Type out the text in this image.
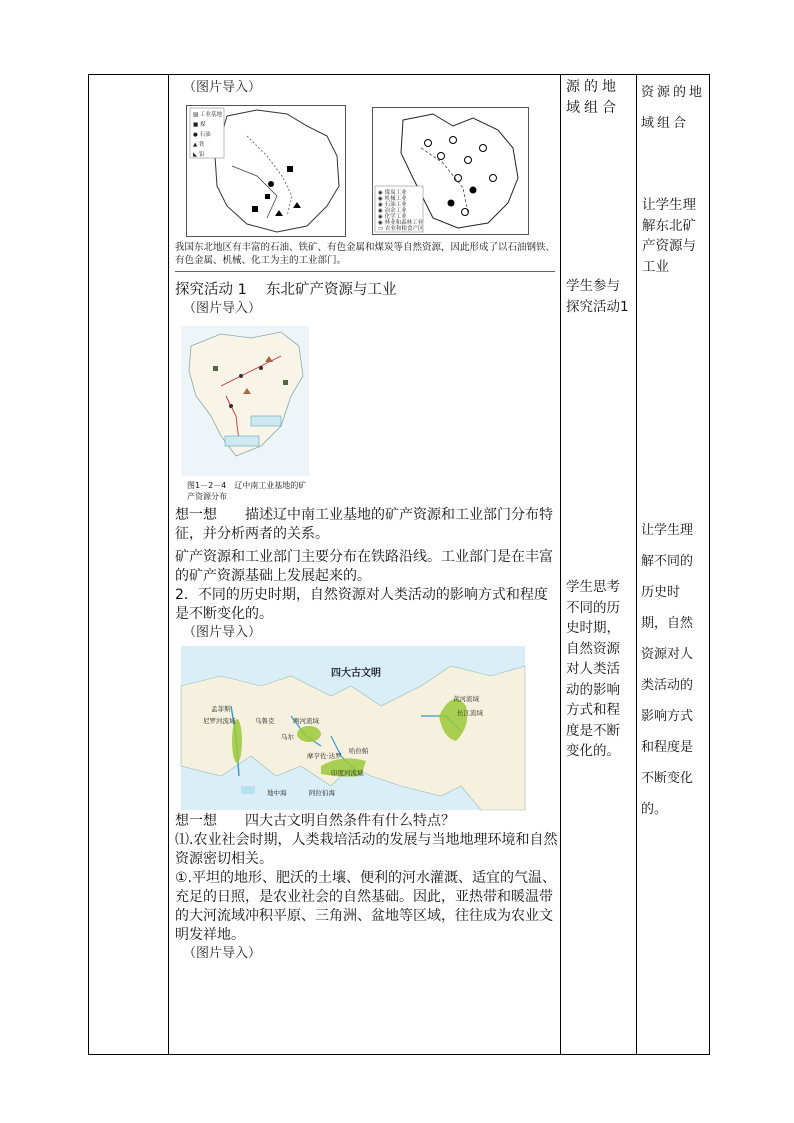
（图片导入）

▨ 工业基地
■ 煤
● 石油
▲ 铁
◣ 铝
◉ 煤炭工业
◉ 机械工业
◉ 石油工业
◉ 冶金工业
◉ 化学工业
◉ 林业和森林工业
▭ 农业和粮食产区

我国东北地区有丰富的石油、铁矿、有色金属和煤炭等自然资源，因此形成了以石油钢铁、有色金属、机械、化工为主的工业部门。

探究活动 1　 东北矿产资源与工业

（图片导入）

图1－2－4　辽中南工业基地的矿产资源分布

想一想　　描述辽中南工业基地的矿产资源和工业部门分布特征，并分析两者的关系。

矿产资源和工业部门主要分布在铁路沿线。工业部门是在丰富的矿产资源基础上发展起来的。

2．不同的历史时期，自然资源对人类活动的影响方式和程度是不断变化的。

（图片导入）

四大古文明
孟菲斯
尼罗河流域	乌鲁克	两河流域
乌尔
摩亨佐·达罗
印度河流域
哈拉帕
黄河流域
长江流域
地中海	阿拉伯海

想一想　　四大古文明自然条件有什么特点？

⑴.农业社会时期，人类栽培活动的发展与当地地理环境和自然资源密切相关。

①.平坦的地形、肥沃的土壤、便利的河水灌溉、适宜的气温、充足的日照，是农业社会的自然基础。因此，亚热带和暖温带的大河流域冲积平原、三角洲、盆地等区域，往往成为农业文明发祥地。

（图片导入）

源的地域组合

学生参与探究活动1

学生思考不同的历史时期，自然资源对人类活动的影响方式和程度是不断变化的。

资源的地域组合

让学生理解东北矿产资源与工业

让学生理解不同的历史时期，自然资源对人类活动的影响方式和程度是不断变化的。
